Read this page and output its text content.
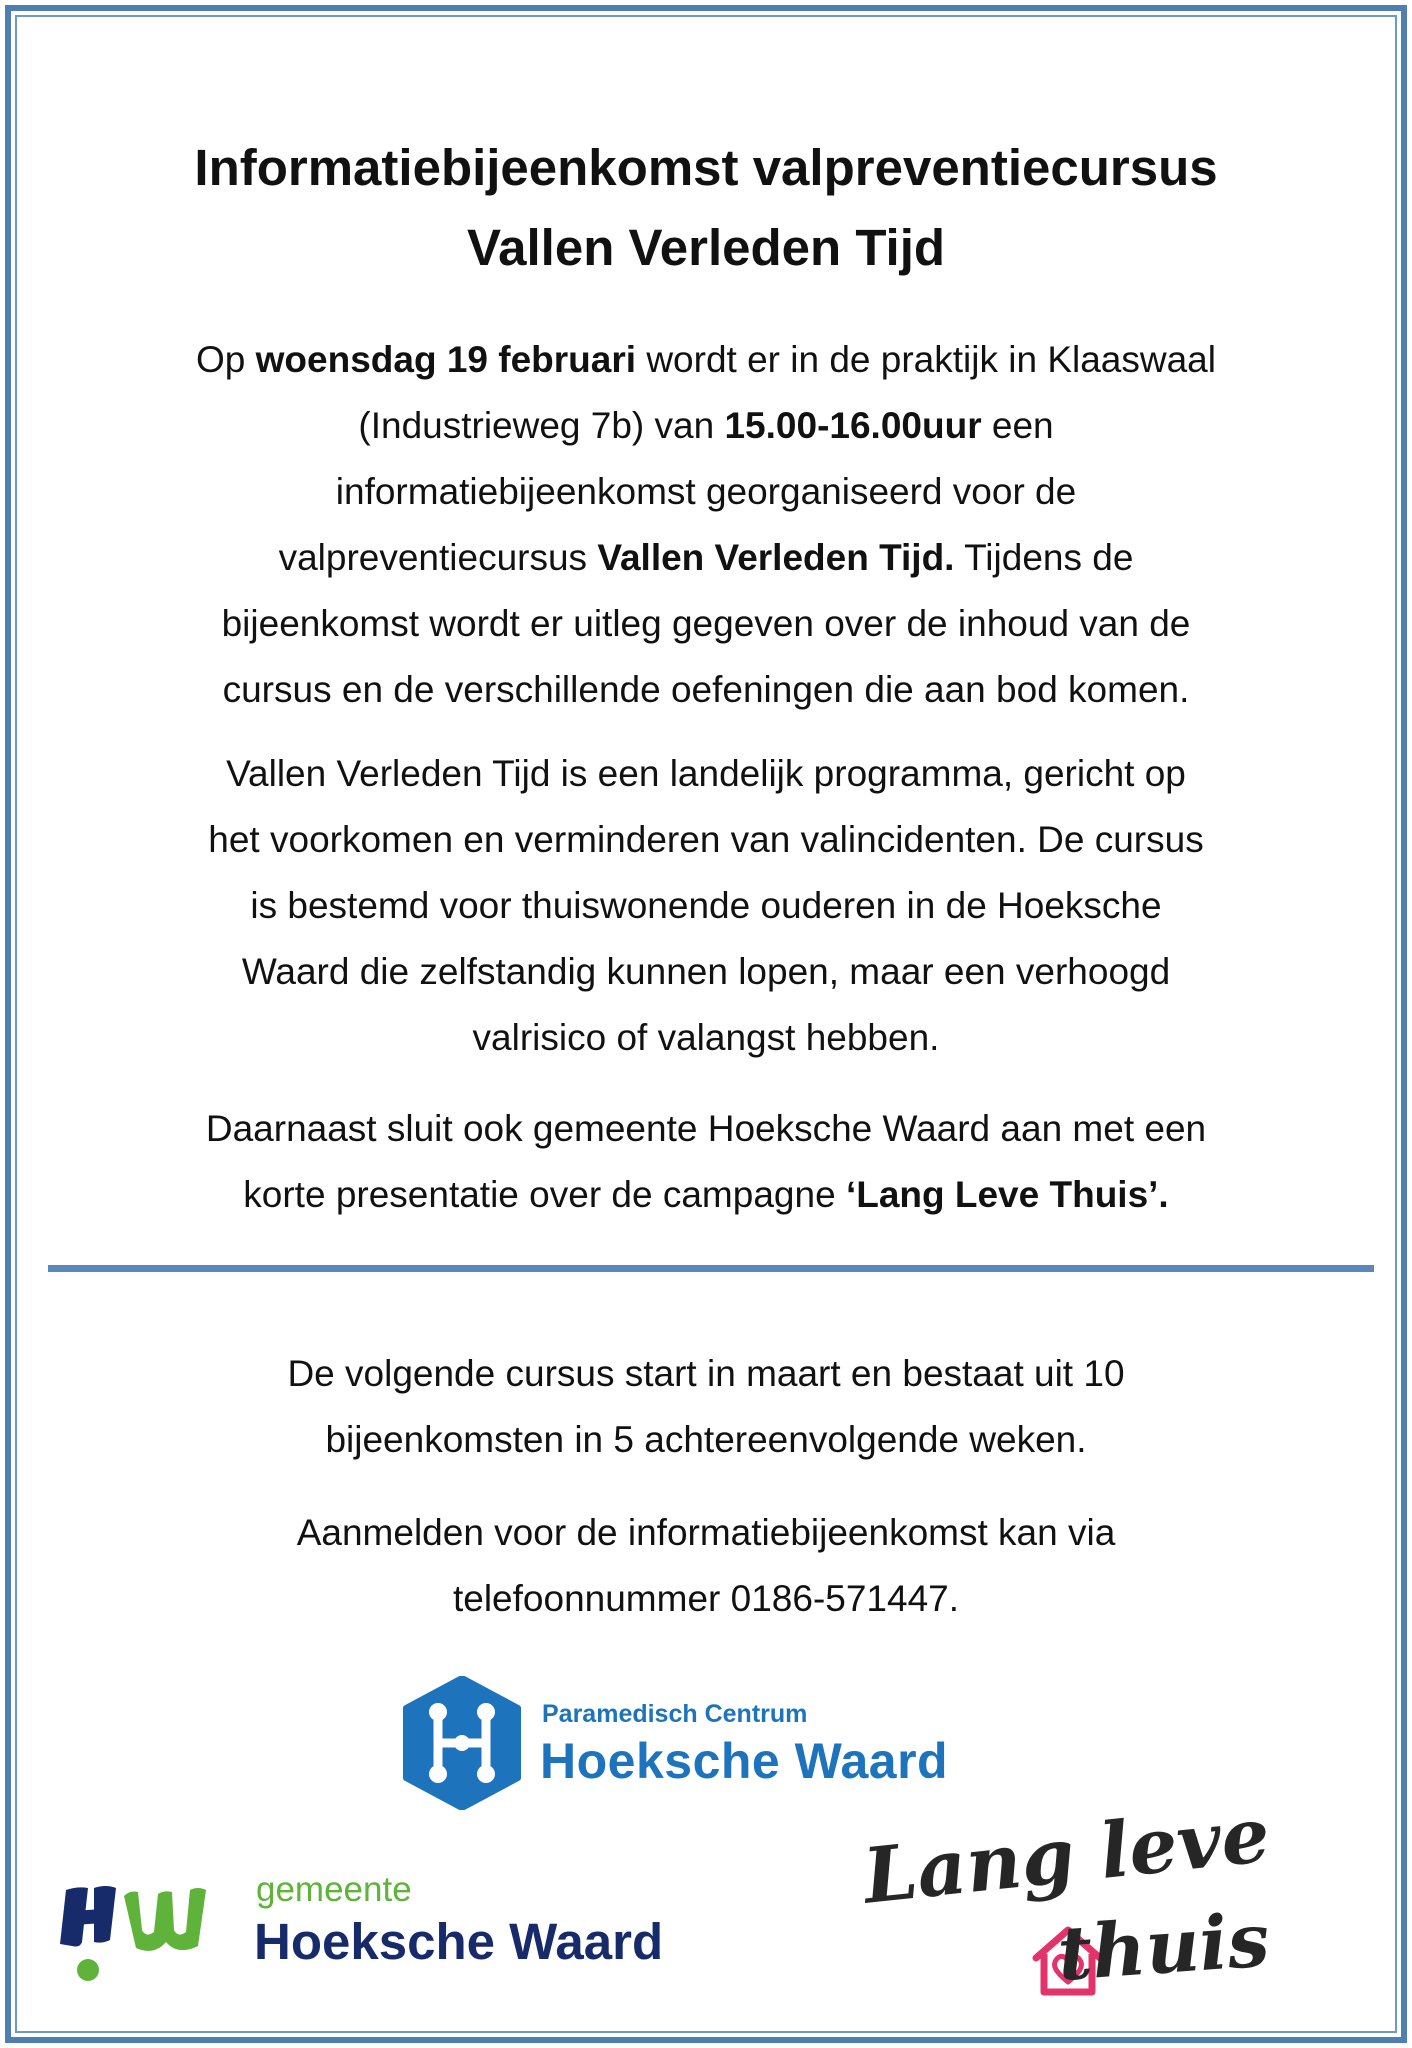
Informatiebijeenkomst valpreventiecursus
Vallen Verleden Tijd

Op woensdag 19 februari wordt er in de praktijk in Klaaswaal
(Industrieweg 7b) van 15.00-16.00uur een
informatiebijeenkomst georganiseerd voor de
valpreventiecursus Vallen Verleden Tijd. Tijdens de
bijeenkomst wordt er uitleg gegeven over de inhoud van de
cursus en de verschillende oefeningen die aan bod komen.

Vallen Verleden Tijd is een landelijk programma, gericht op
het voorkomen en verminderen van valincidenten. De cursus
is bestemd voor thuiswonende ouderen in de Hoeksche
Waard die zelfstandig kunnen lopen, maar een verhoogd
valrisico of valangst hebben.

Daarnaast sluit ook gemeente Hoeksche Waard aan met een
korte presentatie over de campagne ‘Lang Leve Thuis’.

De volgende cursus start in maart en bestaat uit 10
bijeenkomsten in 5 achtereenvolgende weken.

Aanmelden voor de informatiebijeenkomst kan via
telefoonnummer 0186-571447.

Paramedisch Centrum
Hoeksche Waard
gemeente
Hoeksche Waard
Lang leve
thuis
